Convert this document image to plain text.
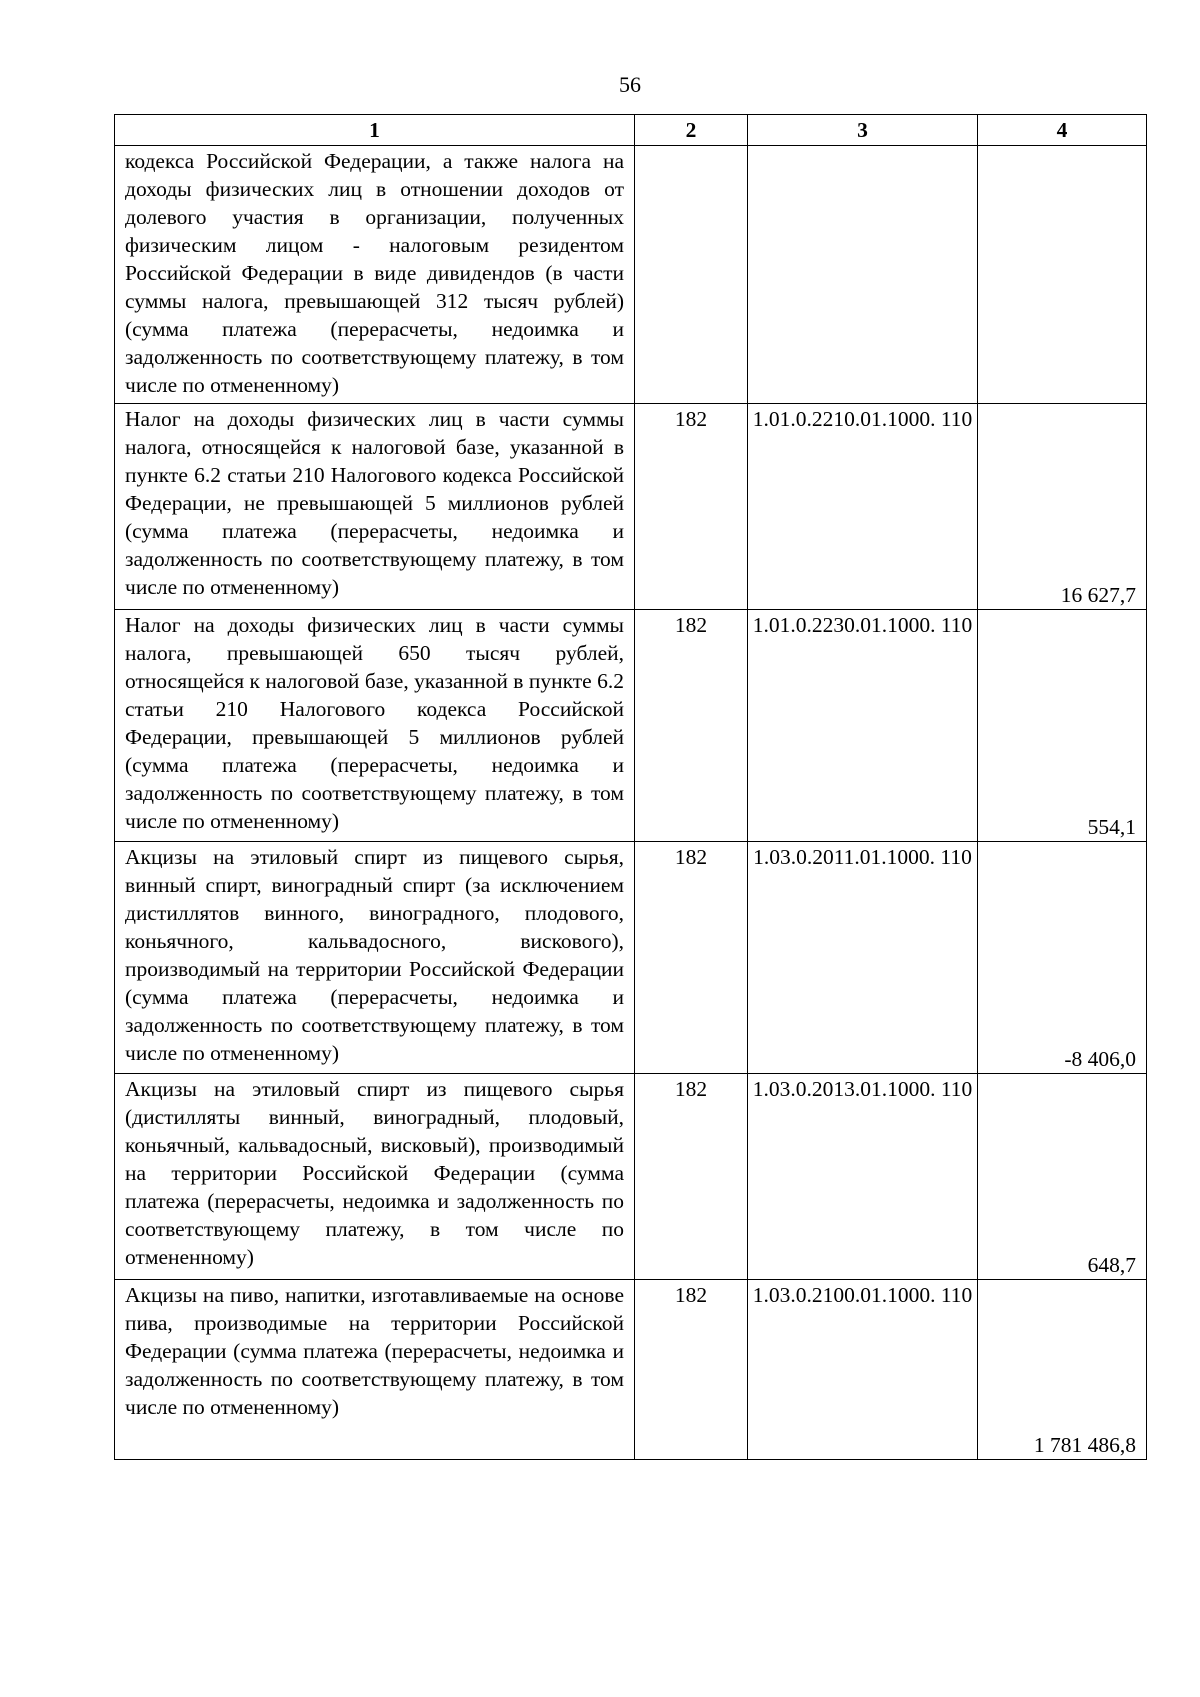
56
1	2	3	4
кодекса Российской Федерации, а также налога на доходы физических лиц в отношении доходов от долевого участия в организации, полученных физическим лицом - налоговым резидентом Российской Федерации в виде дивидендов (в части суммы налога, превышающей 312 тысяч рублей) (сумма платежа (перерасчеты, недоимка и задолженность по соответствующему платежу, в том числе по отмененному)			
Налог на доходы физических лиц в части суммы налога, относящейся к налоговой базе, указанной в пункте 6.2 статьи 210 Налогового кодекса Российской Федерации, не превышающей 5 миллионов рублей (сумма платежа (перерасчеты, недоимка и задолженность по соответствующему платежу, в том числе по отмененному)	182	1.01.0.2210.01.1000. 110	16 627,7
Налог на доходы физических лиц в части суммы налога, превышающей 650 тысяч рублей, относящейся к налоговой базе, указанной в пункте 6.2 статьи 210 Налогового кодекса Российской Федерации, превышающей 5 миллионов рублей (сумма платежа (перерасчеты, недоимка и задолженность по соответствующему платежу, в том числе по отмененному)	182	1.01.0.2230.01.1000. 110	554,1
Акцизы на этиловый спирт из пищевого сырья, винный спирт, виноградный спирт (за исключением дистиллятов винного, виноградного, плодового, коньячного, кальвадосного, вискового), производимый на территории Российской Федерации (сумма платежа (перерасчеты, недоимка и задолженность по соответствующему платежу, в том числе по отмененному)	182	1.03.0.2011.01.1000. 110	-8 406,0
Акцизы на этиловый спирт из пищевого сырья (дистилляты винный, виноградный, плодовый, коньячный, кальвадосный, висковый), производимый на территории Российской Федерации (сумма платежа (перерасчеты, недоимка и задолженность по соответствующему платежу, в том числе по отмененному)	182	1.03.0.2013.01.1000. 110	648,7
Акцизы на пиво, напитки, изготавливаемые на основе пива, производимые на территории Российской Федерации (сумма платежа (перерасчеты, недоимка и задолженность по соответствующему платежу, в том числе по отмененному)	182	1.03.0.2100.01.1000. 110	1 781 486,8
